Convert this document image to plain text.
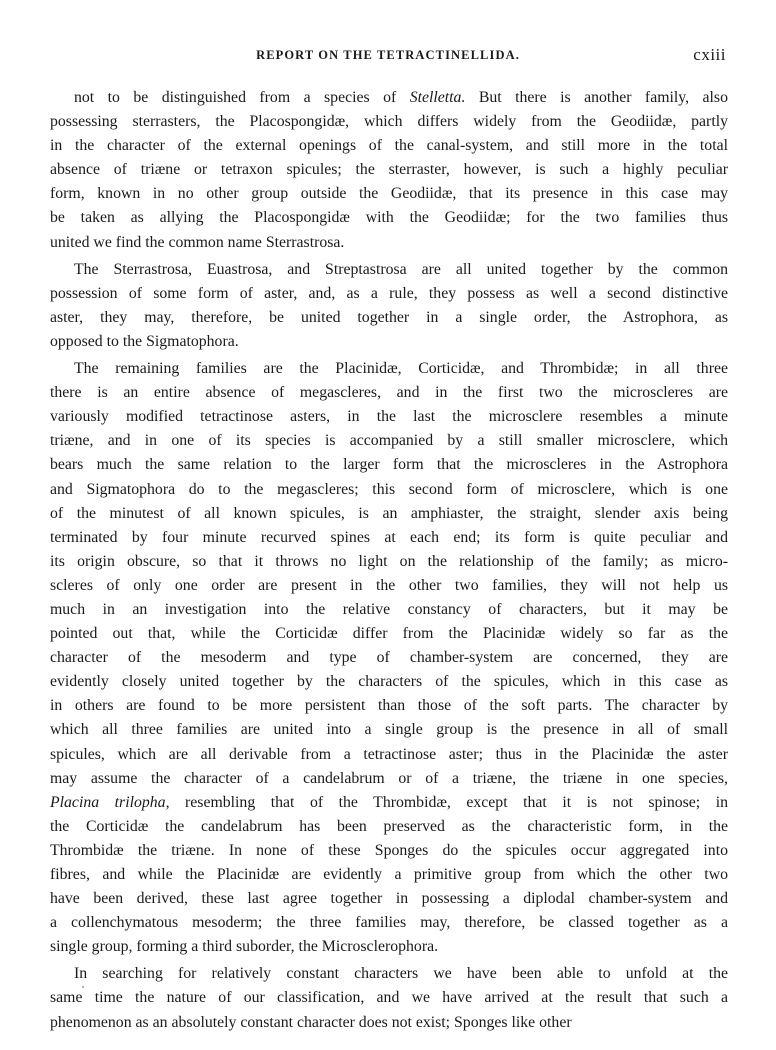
REPORT ON THE TETRACTINELLIDA.	cxiii
not to be distinguished from a species of Stelletta. But there is another family, also
possessing sterrasters, the Placospongidæ, which differs widely from the Geodiidæ, partly
in the character of the external openings of the canal-system, and still more in the total
absence of triæne or tetraxon spicules; the sterraster, however, is such a highly peculiar
form, known in no other group outside the Geodiidæ, that its presence in this case may
be taken as allying the Placospongidæ with the Geodiidæ; for the two families thus
united we find the common name Sterrastrosa.
The Sterrastrosa, Euastrosa, and Streptastrosa are all united together by the common
possession of some form of aster, and, as a rule, they possess as well a second distinctive
aster, they may, therefore, be united together in a single order, the Astrophora, as
opposed to the Sigmatophora.
The remaining families are the Placinidæ, Corticidæ, and Thrombidæ; in all three
there is an entire absence of megascleres, and in the first two the microscleres are
variously modified tetractinose asters, in the last the microsclere resembles a minute
triæne, and in one of its species is accompanied by a still smaller microsclere, which
bears much the same relation to the larger form that the microscleres in the Astrophora
and Sigmatophora do to the megascleres; this second form of microsclere, which is one
of the minutest of all known spicules, is an amphiaster, the straight, slender axis being
terminated by four minute recurved spines at each end; its form is quite peculiar and
its origin obscure, so that it throws no light on the relationship of the family; as micro-
scleres of only one order are present in the other two families, they will not help us
much in an investigation into the relative constancy of characters, but it may be
pointed out that, while the Corticidæ differ from the Placinidæ widely so far as the
character of the mesoderm and type of chamber-system are concerned, they are
evidently closely united together by the characters of the spicules, which in this case as
in others are found to be more persistent than those of the soft parts. The character by
which all three families are united into a single group is the presence in all of small
spicules, which are all derivable from a tetractinose aster; thus in the Placinidæ the aster
may assume the character of a candelabrum or of a triæne, the triæne in one species,
Placina trilopha, resembling that of the Thrombidæ, except that it is not spinose; in
the Corticidæ the candelabrum has been preserved as the characteristic form, in the
Thrombidæ the triæne. In none of these Sponges do the spicules occur aggregated into
fibres, and while the Placinidæ are evidently a primitive group from which the other two
have been derived, these last agree together in possessing a diplodal chamber-system and
a collenchymatous mesoderm; the three families may, therefore, be classed together as a
single group, forming a third suborder, the Microsclerophora.
In searching for relatively constant characters we have been able to unfold at the
same time the nature of our classification, and we have arrived at the result that such a
phenomenon as an absolutely constant character does not exist; Sponges like other
